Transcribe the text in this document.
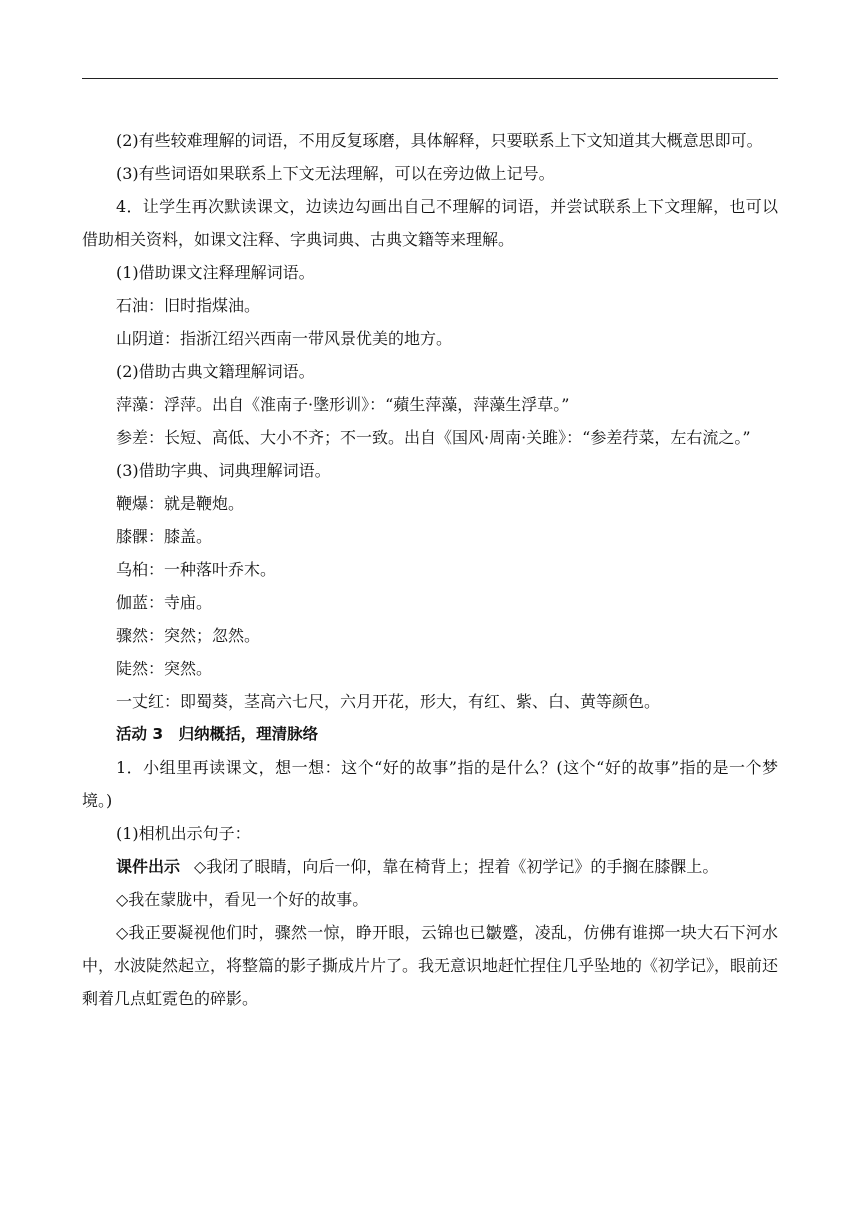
(2)有些较难理解的词语，不用反复琢磨，具体解释，只要联系上下文知道其大概意思即可。

(3)有些词语如果联系上下文无法理解，可以在旁边做上记号。

4．让学生再次默读课文，边读边勾画出自己不理解的词语，并尝试联系上下文理解，也可以借助相关资料，如课文注释、字典词典、古典文籍等来理解。

(1)借助课文注释理解词语。

石油：旧时指煤油。

山阴道：指浙江绍兴西南一带风景优美的地方。

(2)借助古典文籍理解词语。

萍藻：浮萍。出自《淮南子·墬形训》：“蘋生萍藻，萍藻生浮草。”

参差：长短、高低、大小不齐；不一致。出自《国风·周南·关雎》：“参差荇菜，左右流之。”

(3)借助字典、词典理解词语。

鞭爆：就是鞭炮。

膝髁：膝盖。

乌桕：一种落叶乔木。

伽蓝：寺庙。

骤然：突然；忽然。

陡然：突然。

一丈红：即蜀葵，茎高六七尺，六月开花，形大，有红、紫、白、黄等颜色。

活动 3　归纳概括，理清脉络

1．小组里再读课文，想一想：这个“好的故事”指的是什么？(这个“好的故事”指的是一个梦境。)

(1)相机出示句子：

课件出示 ◇我闭了眼睛，向后一仰，靠在椅背上；捏着《初学记》的手搁在膝髁上。

◇我在蒙胧中，看见一个好的故事。

◇我正要凝视他们时，骤然一惊，睁开眼，云锦也已皺蹙，凌乱，仿佛有谁掷一块大石下河水中，水波陡然起立，将整篇的影子撕成片片了。我无意识地赶忙捏住几乎坠地的《初学记》，眼前还剩着几点虹霓色的碎影。
